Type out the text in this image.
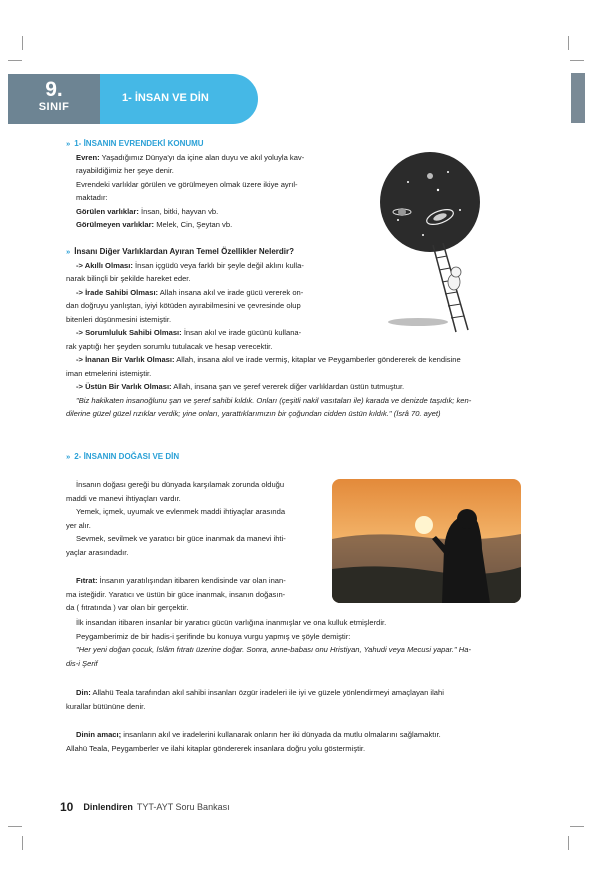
9.
SINIF
1- İNSAN VE DİN
» 1- İNSANIN EVRENDEKİ KONUMU
Evren: Yaşadığımız Dünya'yı da içine alan duyu ve akıl yoluyla kav-
rayabildiğimiz her şeye denir.
Evrendeki varlıklar görülen ve görülmeyen olmak üzere ikiye ayrıl-
maktadır:
Görülen varlıklar: İnsan, bitki, hayvan vb.
Görülmeyen varlıklar: Melek, Cin, Şeytan vb.
» İnsanı Diğer Varlıklardan Ayıran Temel Özellikler Nelerdir?
-> Akıllı Olması: İnsan içgüdü veya farklı bir şeyle değil aklını kulla-
narak bilinçli bir şekilde hareket eder.
-> İrade Sahibi Olması: Allah insana akıl ve irade gücü vererek on-
dan doğruyu yanlıştan, iyiyi kötüden ayırabilmesini ve çevresinde olup
bitenleri düşünmesini istemiştir.
-> Sorumluluk Sahibi Olması: İnsan akıl ve irade gücünü kullana-
rak yaptığı her şeyden sorumlu tutulacak ve hesap verecektir.
-> İnanan Bir Varlık Olması: Allah, insana akıl ve irade vermiş, kitaplar ve Peygamberler göndererek de kendisine
iman etmelerini istemiştir.
-> Üstün Bir Varlık Olması: Allah, insana şan ve şeref vererek diğer varlıklardan üstün tutmuştur.
"Biz hakikaten insanoğlunu şan ve şeref sahibi kıldık. Onları (çeşitli nakil vasıtaları ile) karada ve denizde taşıdık; ken-
dilerine güzel güzel rızıklar verdik; yine onları, yarattıklarımızın bir çoğundan cidden üstün kıldık." (İsrâ 70. ayet)
» 2- İNSANIN DOĞASI VE DİN
İnsanın doğası gereği bu dünyada karşılamak zorunda olduğu
maddi ve manevi ihtiyaçları vardır.
Yemek, içmek, uyumak ve evlenmek maddi ihtiyaçlar arasında
yer alır.
Sevmek, sevilmek ve yaratıcı bir güce inanmak da manevi ihti-
yaçlar arasındadır.
Fıtrat: İnsanın yaratılışından itibaren kendisinde var olan inan-
ma isteğidir. Yaratıcı ve üstün bir güce inanmak, insanın doğasın-
da ( fıtratında ) var olan bir gerçektir.
İlk insandan itibaren insanlar bir yaratıcı gücün varlığına inanmışlar ve ona kulluk etmişlerdir.
Peygamberimiz de bir hadis-i şerifinde bu konuya vurgu yapmış ve şöyle demiştir:
"Her yeni doğan çocuk, İslâm fıtratı üzerine doğar. Sonra, anne-babası onu Hristiyan, Yahudi veya Mecusi yapar." Ha-
dis-i Şerif
Din: Allahü Teala tarafından akıl sahibi insanları özgür iradeleri ile iyi ve güzele yönlendirmeyi amaçlayan ilahi
kurallar bütününe denir.
Dinin amacı; insanların akıl ve iradelerini kullanarak onların her iki dünyada da mutlu olmalarını sağlamaktır.
Allahü Teala, Peygamberler ve ilahi kitaplar göndererek insanlara doğru yolu göstermiştir.
10 Dinlendiren TYT-AYT Soru Bankası
